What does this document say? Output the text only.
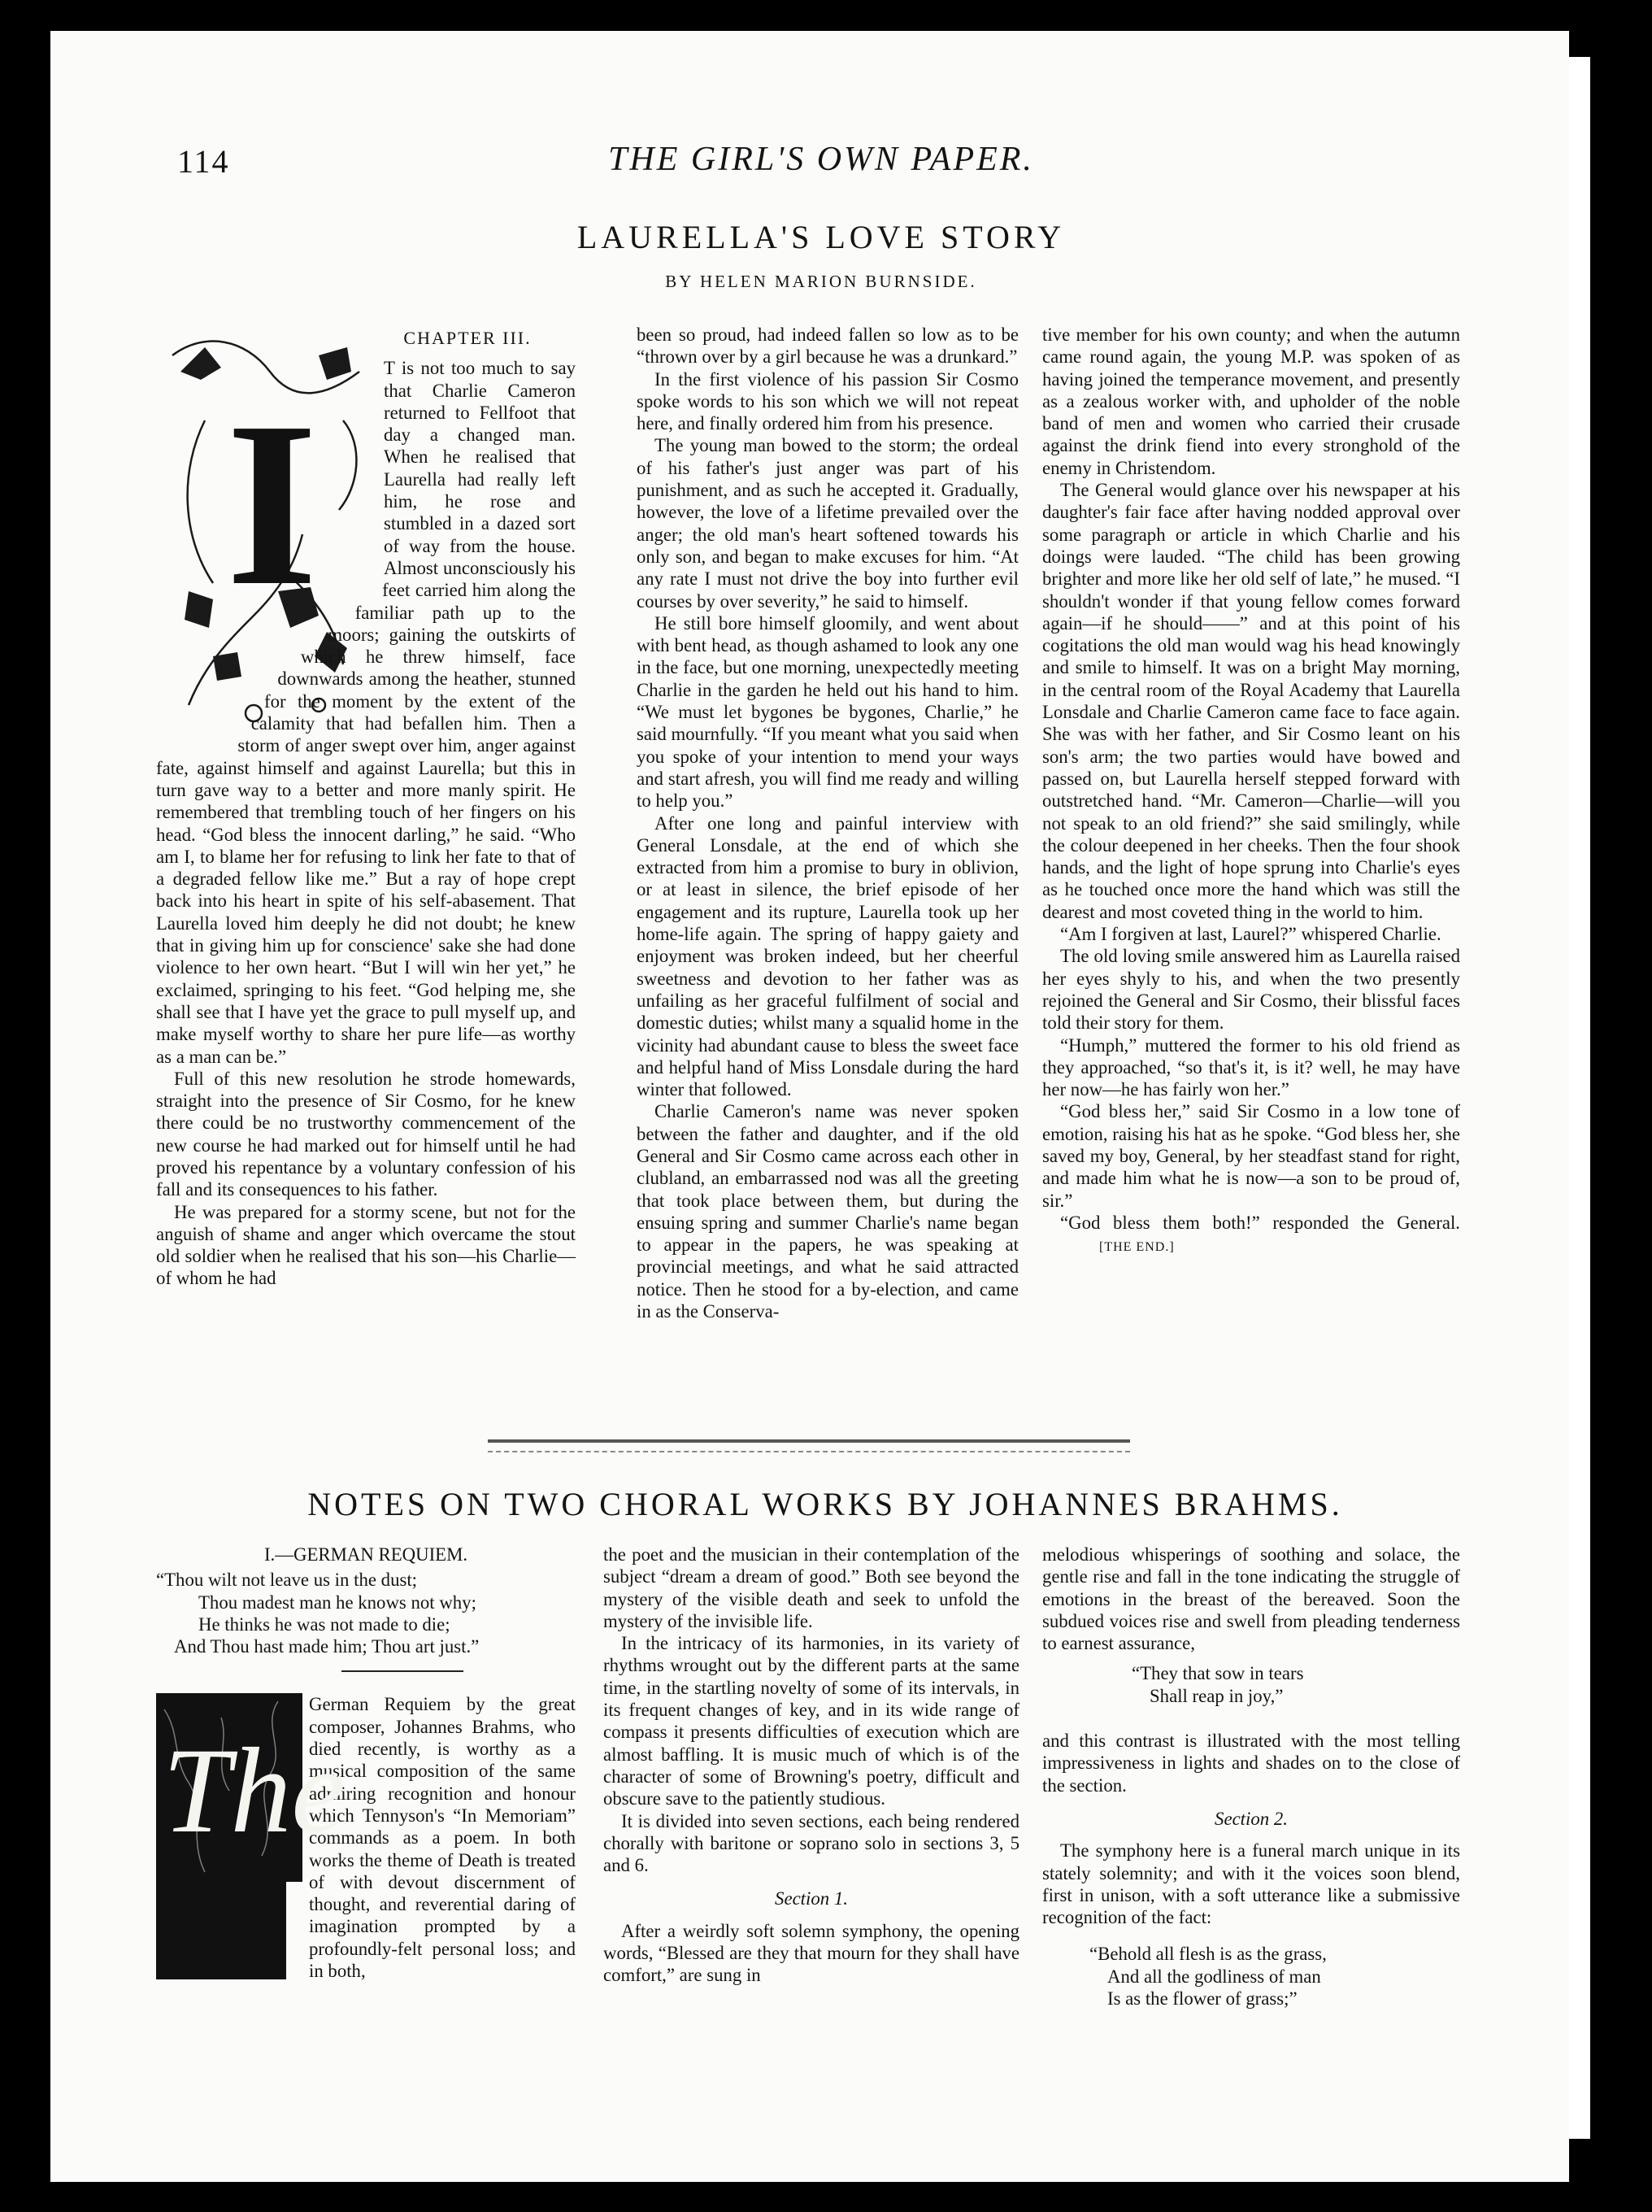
114	THE GIRL'S OWN PAPER.
LAURELLA'S LOVE STORY
BY HELEN MARION BURNSIDE.
CHAPTER III.
I

T is not too much to say that Charlie Cameron returned to Fellfoot that day a changed man. When he realised that Laurella had really left him, he rose and stumbled in a dazed sort of way from the house. Almost unconsciously his feet carried him along the familiar path up to the moors; gaining the outskirts of which he threw himself, face downwards among the heather, stunned for the moment by the extent of the calamity that had befallen him. Then a storm of anger swept over him, anger against fate, against himself and against Laurella; but this in turn gave way to a better and more manly spirit. He remembered that trembling touch of her fingers on his head. “God bless the innocent darling,” he said. “Who am I, to blame her for refusing to link her fate to that of a degraded fellow like me.” But a ray of hope crept back into his heart in spite of his self-abasement. That Laurella loved him deeply he did not doubt; he knew that in giving him up for conscience' sake she had done violence to her own heart. “But I will win her yet,” he exclaimed, springing to his feet. “God helping me, she shall see that I have yet the grace to pull myself up, and make myself worthy to share her pure life—as worthy as a man can be.”

Full of this new resolution he strode homewards, straight into the presence of Sir Cosmo, for he knew there could be no trustworthy commencement of the new course he had marked out for himself until he had proved his repentance by a voluntary confession of his fall and its consequences to his father.

He was prepared for a stormy scene, but not for the anguish of shame and anger which overcame the stout old soldier when he realised that his son—his Charlie—of whom he had

been so proud, had indeed fallen so low as to be “thrown over by a girl because he was a drunkard.”

In the first violence of his passion Sir Cosmo spoke words to his son which we will not repeat here, and finally ordered him from his presence.

The young man bowed to the storm; the ordeal of his father's just anger was part of his punishment, and as such he accepted it. Gradually, however, the love of a lifetime prevailed over the anger; the old man's heart softened towards his only son, and began to make excuses for him. “At any rate I must not drive the boy into further evil courses by over severity,” he said to himself.

He still bore himself gloomily, and went about with bent head, as though ashamed to look any one in the face, but one morning, unexpectedly meeting Charlie in the garden he held out his hand to him. “We must let bygones be bygones, Charlie,” he said mournfully. “If you meant what you said when you spoke of your intention to mend your ways and start afresh, you will find me ready and willing to help you.”

After one long and painful interview with General Lonsdale, at the end of which she extracted from him a promise to bury in oblivion, or at least in silence, the brief episode of her engagement and its rupture, Laurella took up her home-life again. The spring of happy gaiety and enjoyment was broken indeed, but her cheerful sweetness and devotion to her father was as unfailing as her graceful fulfilment of social and domestic duties; whilst many a squalid home in the vicinity had abundant cause to bless the sweet face and helpful hand of Miss Lonsdale during the hard winter that followed.

Charlie Cameron's name was never spoken between the father and daughter, and if the old General and Sir Cosmo came across each other in clubland, an embarrassed nod was all the greeting that took place between them, but during the ensuing spring and summer Charlie's name began to appear in the papers, he was speaking at provincial meetings, and what he said attracted notice. Then he stood for a by-election, and came in as the Conserva-

tive member for his own county; and when the autumn came round again, the young M.P. was spoken of as having joined the temperance movement, and presently as a zealous worker with, and upholder of the noble band of men and women who carried their crusade against the drink fiend into every stronghold of the enemy in Christendom.

The General would glance over his newspaper at his daughter's fair face after having nodded approval over some paragraph or article in which Charlie and his doings were lauded. “The child has been growing brighter and more like her old self of late,” he mused. “I shouldn't wonder if that young fellow comes forward again—if he should——” and at this point of his cogitations the old man would wag his head knowingly and smile to himself. It was on a bright May morning, in the central room of the Royal Academy that Laurella Lonsdale and Charlie Cameron came face to face again. She was with her father, and Sir Cosmo leant on his son's arm; the two parties would have bowed and passed on, but Laurella herself stepped forward with outstretched hand. “Mr. Cameron—Charlie—will you not speak to an old friend?” she said smilingly, while the colour deepened in her cheeks. Then the four shook hands, and the light of hope sprung into Charlie's eyes as he touched once more the hand which was still the dearest and most coveted thing in the world to him.

“Am I forgiven at last, Laurel?” whispered Charlie.

The old loving smile answered him as Laurella raised her eyes shyly to his, and when the two presently rejoined the General and Sir Cosmo, their blissful faces told their story for them.

“Humph,” muttered the former to his old friend as they approached, “so that's it, is it? well, he may have her now—he has fairly won her.”

“God bless her,” said Sir Cosmo in a low tone of emotion, raising his hat as he spoke. “God bless her, she saved my boy, General, by her steadfast stand for right, and made him what he is now—a son to be proud of, sir.”

“God bless them both!” responded the General.[THE END.]

NOTES ON TWO CHORAL WORKS BY JOHANNES BRAHMS.
I.—GERMAN REQUIEM.
“Thou wilt not leave us in the dust;
Thou madest man he knows not why;
He thinks he was not made to die;
And Thou hast made him; Thou art just.”
The

German Requiem by the great composer, Johannes Brahms, who died recently, is worthy as a musical composition of the same admiring recognition and honour which Tennyson's “In Memoriam” commands as a poem. In both works the theme of Death is treated of with devout discernment of thought, and reverential daring of imagination prompted by a profoundly-felt personal loss; and in both,

the poet and the musician in their contemplation of the subject “dream a dream of good.” Both see beyond the mystery of the visible death and seek to unfold the mystery of the invisible life.

In the intricacy of its harmonies, in its variety of rhythms wrought out by the different parts at the same time, in the startling novelty of some of its intervals, in its frequent changes of key, and in its wide range of compass it presents difficulties of execution which are almost baffling. It is music much of which is of the character of some of Browning's poetry, difficult and obscure save to the patiently studious.

It is divided into seven sections, each being rendered chorally with baritone or soprano solo in sections 3, 5 and 6.

Section 1.

After a weirdly soft solemn symphony, the opening words, “Blessed are they that mourn for they shall have comfort,” are sung in

melodious whisperings of soothing and solace, the gentle rise and fall in the tone indicating the struggle of emotions in the breast of the bereaved. Soon the subdued voices rise and swell from pleading tenderness to earnest assurance,

“They that sow in tears
Shall reap in joy,”

and this contrast is illustrated with the most telling impressiveness in lights and shades on to the close of the section.

Section 2.

The symphony here is a funeral march unique in its stately solemnity; and with it the voices soon blend, first in unison, with a soft utterance like a submissive recognition of the fact:

“Behold all flesh is as the grass,
And all the godliness of man
Is as the flower of grass;”
